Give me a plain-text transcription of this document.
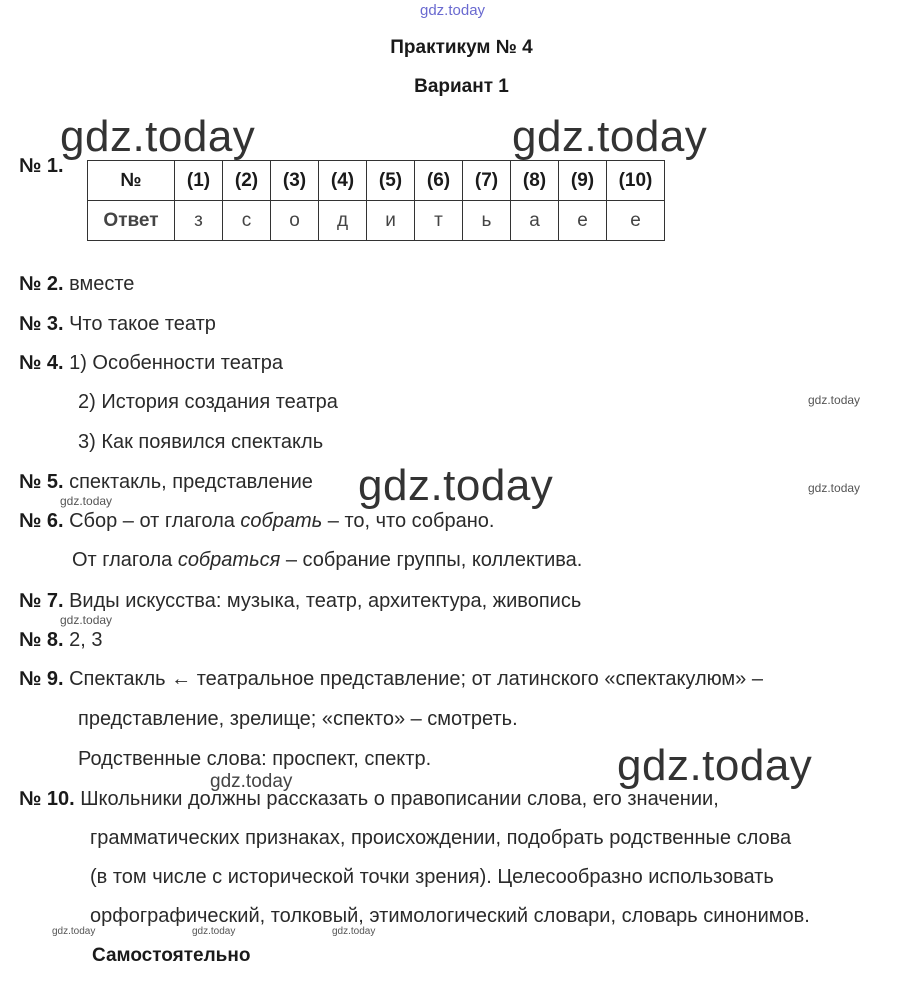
gdz.today
gdz.today	gdz.today
gdz.today
gdz.today
gdz.today
gdz.today
gdz.today
gdz.today
gdz.today
gdz.today	gdz.today	gdz.today
Практикум № 4
Вариант 1
№ 1.
№	(1)	(2)	(3)	(4)	(5)	(6)	(7)	(8)	(9)	(10)
Ответ	з	с	о	д	и	т	ь	а	е	е
№ 2. вместе
№ 3. Что такое театр
№ 4. 1) Особенности театра
2) История создания театра
3) Как появился спектакль
№ 5. спектакль, представление
№ 6. Сбор – от глагола собрать – то, что собрано.
От глагола собраться – собрание группы, коллектива.
№ 7. Виды искусства: музыка, театр, архитектура, живопись
№ 8. 2, 3
№ 9. Спектакль ← театральное представление; от латинского «спектакулюм» –
представление, зрелище; «спекто» – смотреть.
Родственные слова: проспект, спектр.
№ 10. Школьники должны рассказать о правописании слова, его значении,
грамматических признаках, происхождении, подобрать родственные слова
(в том числе с исторической точки зрения). Целесообразно использовать
орфографический, толковый, этимологический словари, словарь синонимов.
Самостоятельно
